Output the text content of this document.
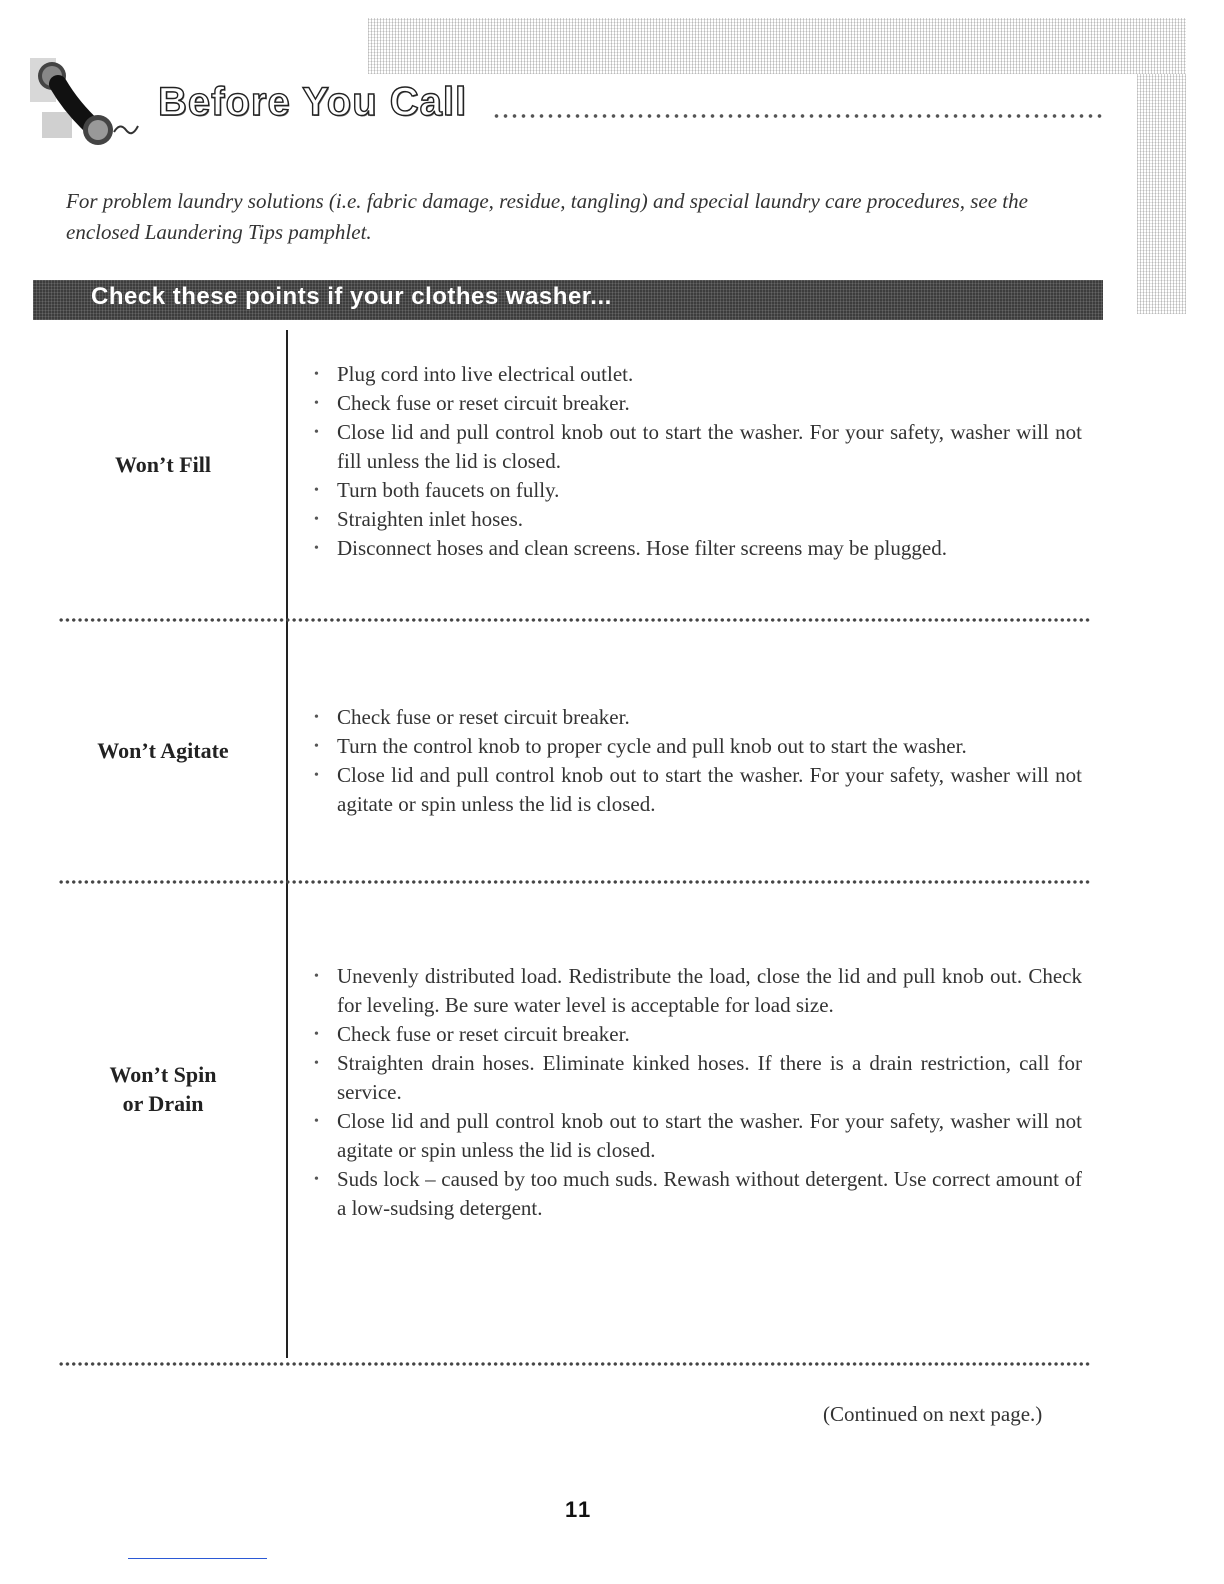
Before You Call
For problem laundry solutions (i.e. fabric damage, residue, tangling) and special laundry care procedures, see the enclosed Laundering Tips pamphlet.
Check these points if your clothes washer...
Won’t Fill
• Plug cord into live electrical outlet.
• Check fuse or reset circuit breaker.
• Close lid and pull control knob out to start the washer. For your safety, washer will not fill unless the lid is closed.
• Turn both faucets on fully.
• Straighten inlet hoses.
• Disconnect hoses and clean screens. Hose filter screens may be plugged.
Won’t Agitate
• Check fuse or reset circuit breaker.
• Turn the control knob to proper cycle and pull knob out to start the washer.
• Close lid and pull control knob out to start the washer. For your safety, washer will not agitate or spin unless the lid is closed.
Won’t Spin
or Drain
• Unevenly distributed load. Redistribute the load, close the lid and pull knob out. Check for leveling. Be sure water level is acceptable for load size.
• Check fuse or reset circuit breaker.
• Straighten drain hoses. Eliminate kinked hoses. If there is a drain restriction, call for service.
• Close lid and pull control knob out to start the washer. For your safety, washer will not agitate or spin unless the lid is closed.
• Suds lock – caused by too much suds. Rewash without detergent. Use correct amount of a low-sudsing detergent.
(Continued on next page.)
11
